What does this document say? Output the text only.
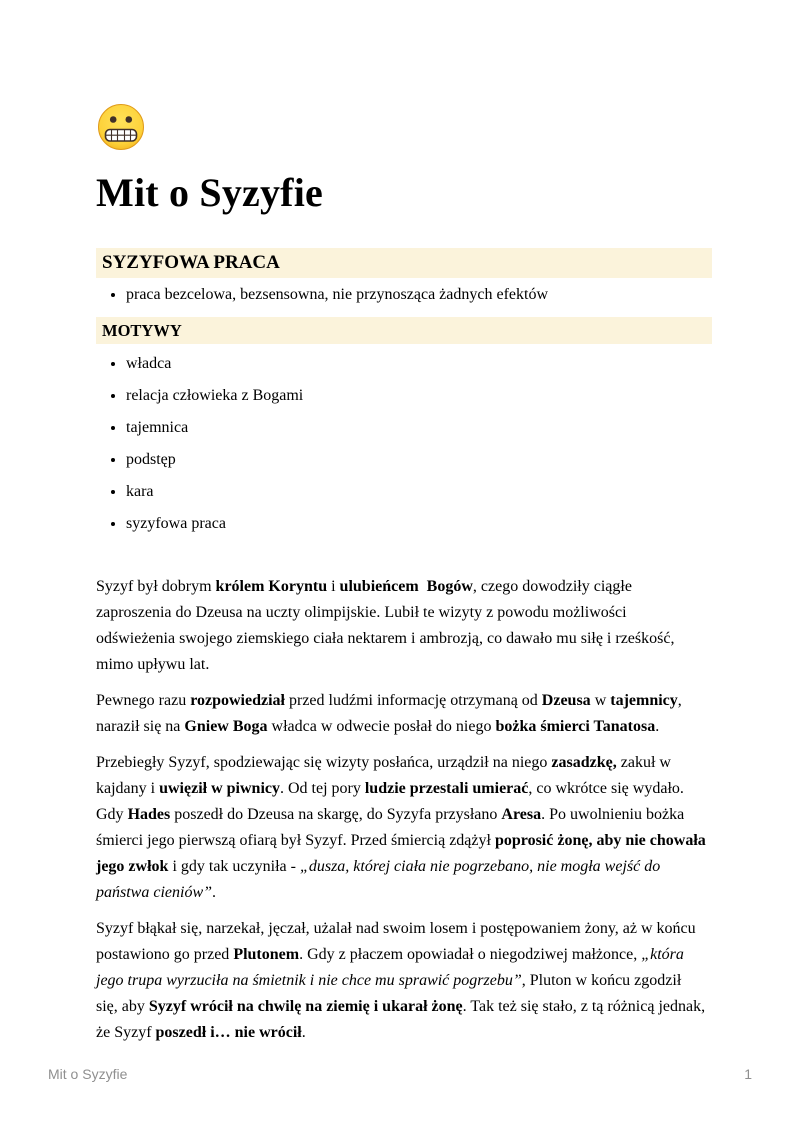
Mit o Syzyfie
SYZYFOWA PRACA
• praca bezcelowa, bezsensowna, nie przynosząca żadnych efektów
MOTYWY
• władca
• relacja człowieka z Bogami
• tajemnica
• podstęp
• kara
• syzyfowa praca

Syzyf był dobrym królem Koryntu i ulubieńcem  Bogów, czego dowodziły ciągłe zaproszenia do Dzeusa na uczty olimpijskie. Lubił te wizyty z powodu możliwości odświeżenia swojego ziemskiego ciała nektarem i ambrozją, co dawało mu siłę i rześkość, mimo upływu lat.

Pewnego razu rozpowiedział przed ludźmi informację otrzymaną od Dzeusa w tajemnicy, naraził się na Gniew Boga władca w odwecie posłał do niego bożka śmierci Tanatosa.

Przebiegły Syzyf, spodziewając się wizyty posłańca, urządził na niego zasadzkę, zakuł w kajdany i uwięził w piwnicy. Od tej pory ludzie przestali umierać, co wkrótce się wydało. Gdy Hades poszedł do Dzeusa na skargę, do Syzyfa przysłano Aresa. Po uwolnieniu bożka śmierci jego pierwszą ofiarą był Syzyf. Przed śmiercią zdążył poprosić żonę, aby nie chowała jego zwłok i gdy tak uczyniła - „dusza, której ciała nie pogrzebano, nie mogła wejść do państwa cieniów”.

Syzyf błąkał się, narzekał, jęczał, użalał nad swoim losem i postępowaniem żony, aż w końcu postawiono go przed Plutonem. Gdy z płaczem opowiadał o niegodziwej małżonce, „która jego trupa wyrzuciła na śmietnik i nie chce mu sprawić pogrzebu”, Pluton w końcu zgodził się, aby Syzyf wrócił na chwilę na ziemię i ukarał żonę. Tak też się stało, z tą różnicą jednak, że Syzyf poszedł i… nie wrócił.

Mit o Syzyfie	1
